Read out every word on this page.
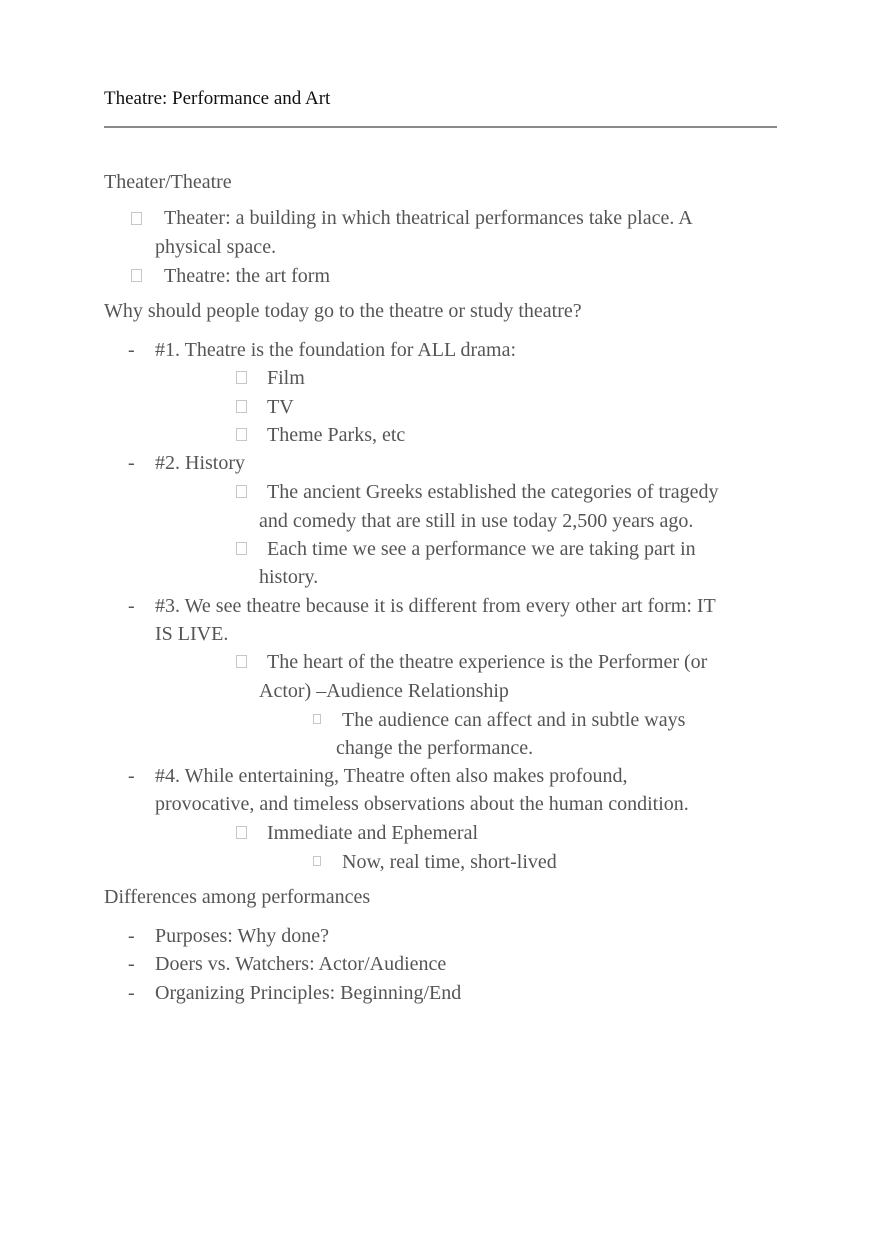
Theatre: Performance and Art
Theater/Theatre
Theater: a building in which theatrical performances take place. A
physical space.
Theatre: the art form
Why should people today go to the theatre or study theatre?
- #1. Theatre is the foundation for ALL drama:
Film
TV
Theme Parks, etc
- #2. History
The ancient Greeks established the categories of tragedy
and comedy that are still in use today 2,500 years ago.
Each time we see a performance we are taking part in
history.
- #3. We see theatre because it is different from every other art form: IT
IS LIVE.
The heart of the theatre experience is the Performer (or
Actor) –Audience Relationship
The audience can affect and in subtle ways
change the performance.
- #4. While entertaining, Theatre often also makes profound,
provocative, and timeless observations about the human condition.
Immediate and Ephemeral
Now, real time, short-lived
Differences among performances
- Purposes: Why done?
- Doers vs. Watchers: Actor/Audience
- Organizing Principles: Beginning/End
